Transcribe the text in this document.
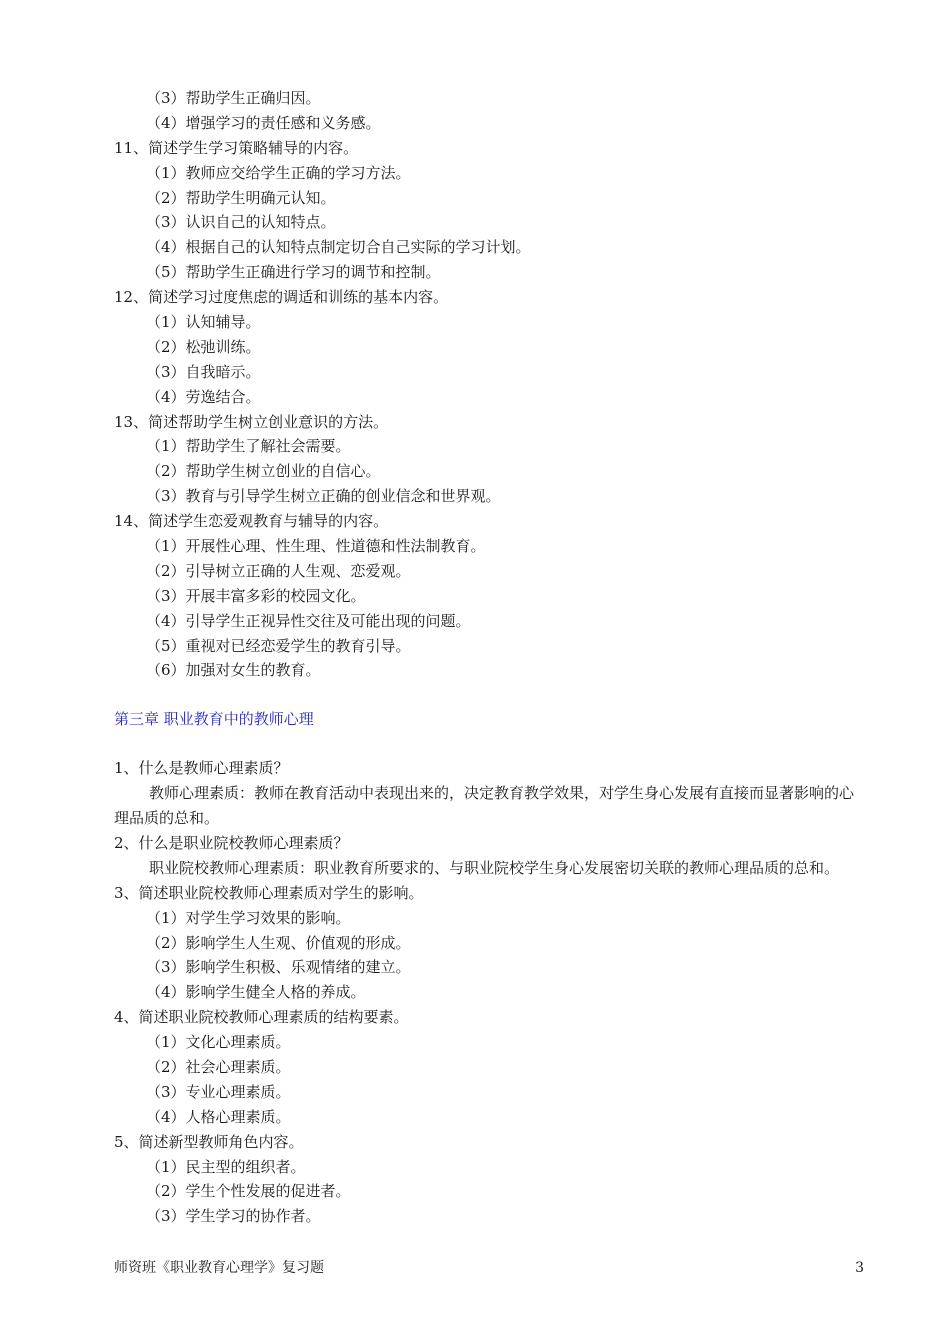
（3）帮助学生正确归因。
（4）增强学习的责任感和义务感。
11、简述学生学习策略辅导的内容。
（1）教师应交给学生正确的学习方法。
（2）帮助学生明确元认知。
（3）认识自己的认知特点。
（4）根据自己的认知特点制定切合自己实际的学习计划。
（5）帮助学生正确进行学习的调节和控制。
12、简述学习过度焦虑的调适和训练的基本内容。
（1）认知辅导。
（2）松弛训练。
（3）自我暗示。
（4）劳逸结合。
13、简述帮助学生树立创业意识的方法。
（1）帮助学生了解社会需要。
（2）帮助学生树立创业的自信心。
（3）教育与引导学生树立正确的创业信念和世界观。
14、简述学生恋爱观教育与辅导的内容。
（1）开展性心理、性生理、性道德和性法制教育。
（2）引导树立正确的人生观、恋爱观。
（3）开展丰富多彩的校园文化。
（4）引导学生正视异性交往及可能出现的问题。
（5）重视对已经恋爱学生的教育引导。
（6）加强对女生的教育。
第三章 职业教育中的教师心理
1、什么是教师心理素质？
教师心理素质：教师在教育活动中表现出来的，决定教育教学效果，对学生身心发展有直接而显著影响的心理品质的总和。
2、什么是职业院校教师心理素质？
职业院校教师心理素质：职业教育所要求的、与职业院校学生身心发展密切关联的教师心理品质的总和。
3、简述职业院校教师心理素质对学生的影响。
（1）对学生学习效果的影响。
（2）影响学生人生观、价值观的形成。
（3）影响学生积极、乐观情绪的建立。
（4）影响学生健全人格的养成。
4、简述职业院校教师心理素质的结构要素。
（1）文化心理素质。
（2）社会心理素质。
（3）专业心理素质。
（4）人格心理素质。
5、简述新型教师角色内容。
（1）民主型的组织者。
（2）学生个性发展的促进者。
（3）学生学习的协作者。
师资班《职业教育心理学》复习题	3
